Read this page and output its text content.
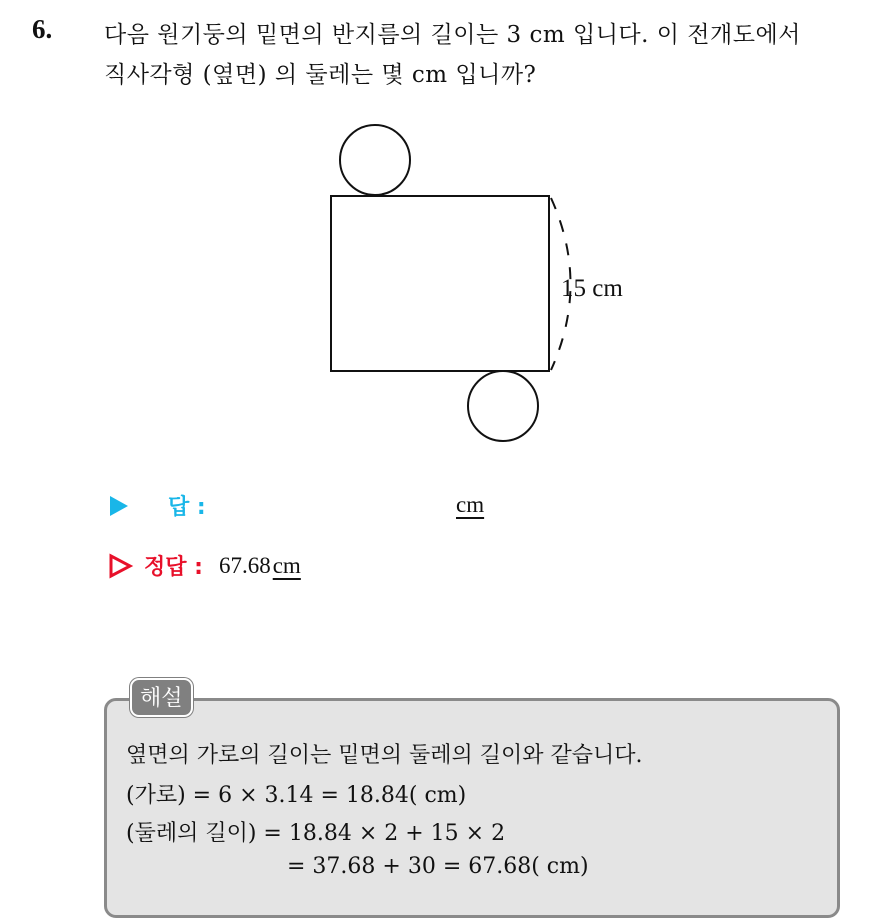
6. 다음 원기둥의 밑면의 반지름의 길이는 3 cm 입니다. 이 전개도에서
직사각형 (옆면) 의 둘레는 몇 cm 입니까?
15 cm
답 :	cm
정답 : 67.68cm
해설
옆면의 가로의 길이는 밑면의 둘레의 길이와 같습니다.
(가로) = 6 × 3.14 = 18.84( cm)
(둘레의 길이) = 18.84 × 2 + 15 × 2
= 37.68 + 30 = 67.68( cm)
